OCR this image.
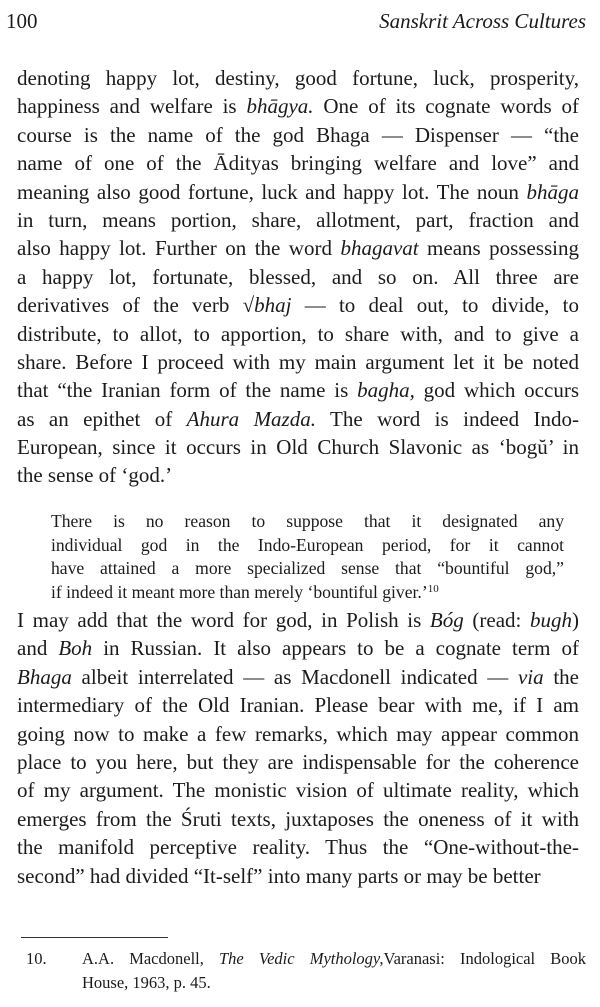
100	Sanskrit Across Cultures
denoting happy lot, destiny, good fortune, luck, prosperity,
happiness and welfare is bhāgya. One of its cognate words of
course is the name of the god Bhaga — Dispenser — “the
name of one of the Ādityas bringing welfare and love” and
meaning also good fortune, luck and happy lot. The noun bhāga
in turn, means portion, share, allotment, part, fraction and
also happy lot. Further on the word bhagavat means possessing
a happy lot, fortunate, blessed, and so on. All three are
derivatives of the verb √bhaj — to deal out, to divide, to
distribute, to allot, to apportion, to share with, and to give a
share. Before I proceed with my main argument let it be noted
that “the Iranian form of the name is bagha, god which occurs
as an epithet of Ahura Mazda. The word is indeed Indo-
European, since it occurs in Old Church Slavonic as ‘bogŭ’ in
the sense of ‘god.’
There is no reason to suppose that it designated any
individual god in the Indo-European period, for it cannot
have attained a more specialized sense that “bountiful god,”
if indeed it meant more than merely ‘bountiful giver.’$^{10}$
I may add that the word for god, in Polish is Bóg (read: bugh)
and Boh in Russian. It also appears to be a cognate term of
Bhaga albeit interrelated — as Macdonell indicated — via the
intermediary of the Old Iranian. Please bear with me, if I am
going now to make a few remarks, which may appear common
place to you here, but they are indispensable for the coherence
of my argument. The monistic vision of ultimate reality, which
emerges from the Śruti texts, juxtaposes the oneness of it with
the manifold perceptive reality. Thus the “One-without-the-
second” had divided “It-self” into many parts or may be better
10. A.A. Macdonell, The Vedic Mythology,Varanasi: Indological Book
House, 1963, p. 45.
